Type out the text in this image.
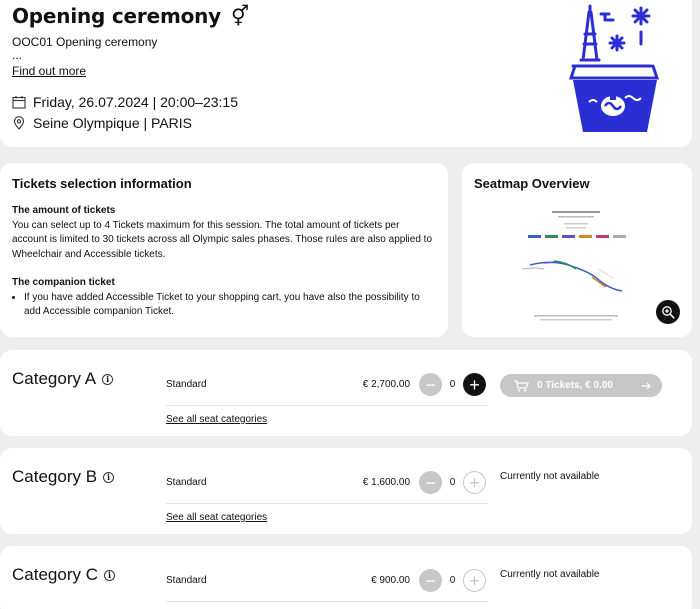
Opening ceremony ⚥
OOC01 Opening ceremony
...
Find out more
Friday, 26.07.2024 | 20:00–23:15
Seine Olympique | PARIS
Tickets selection information
The amount of tickets
You can select up to 4 Tickets maximum for this session. The total amount of tickets per account is limited to 30 tickets across all Olympic sales phases. Those rules are also applied to Wheelchair and Accessible tickets.
The companion ticket
• If you have added Accessible Ticket to your shopping cart, you have also the possibility to add Accessible companion Ticket.
Seatmap Overview
Category A	i	Standard	€ 2,700.00 −	0 +	0 Tickets, € 0.00
See all seat categories
Category B	i	Standard	€ 1,600.00 −	0 +	Currently not available
See all seat categories
Category C	i	Standard	€ 900.00 −	0 +	Currently not available
